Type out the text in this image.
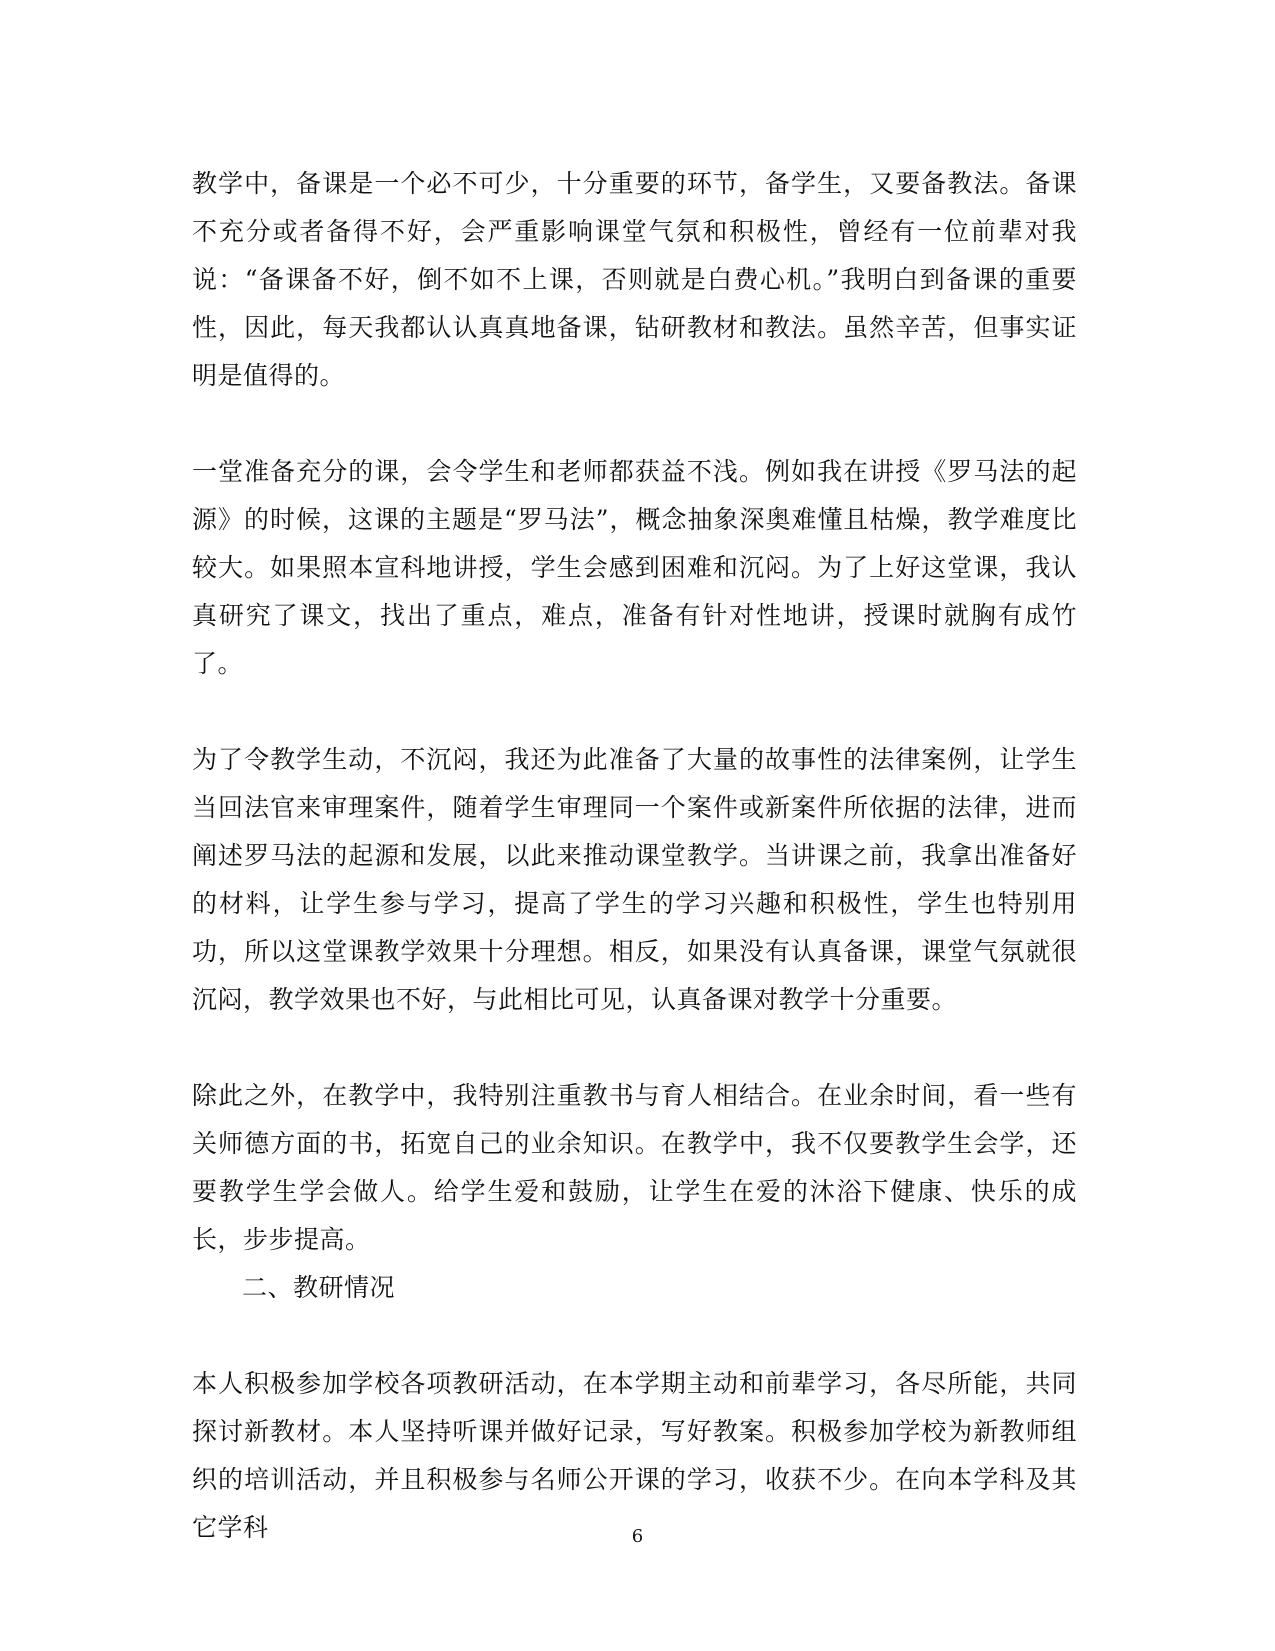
教学中，备课是一个必不可少，十分重要的环节，备学生，又要备教法。备课不充分或者备得不好，会严重影响课堂气氛和积极性，曾经有一位前辈对我说：“备课备不好，倒不如不上课，否则就是白费心机。”我明白到备课的重要性，因此，每天我都认认真真地备课，钻研教材和教法。虽然辛苦，但事实证明是值得的。

一堂准备充分的课，会令学生和老师都获益不浅。例如我在讲授《罗马法的起源》的时候，这课的主题是“罗马法”，概念抽象深奥难懂且枯燥，教学难度比较大。如果照本宣科地讲授，学生会感到困难和沉闷。为了上好这堂课，我认真研究了课文，找出了重点，难点，准备有针对性地讲，授课时就胸有成竹了。

为了令教学生动，不沉闷，我还为此准备了大量的故事性的法律案例，让学生当回法官来审理案件，随着学生审理同一个案件或新案件所依据的法律，进而阐述罗马法的起源和发展，以此来推动课堂教学。当讲课之前，我拿出准备好的材料，让学生参与学习，提高了学生的学习兴趣和积极性，学生也特别用功，所以这堂课教学效果十分理想。相反，如果没有认真备课，课堂气氛就很沉闷，教学效果也不好，与此相比可见，认真备课对教学十分重要。

除此之外，在教学中，我特别注重教书与育人相结合。在业余时间，看一些有关师德方面的书，拓宽自己的业余知识。在教学中，我不仅要教学生会学，还要教学生学会做人。给学生爱和鼓励，让学生在爱的沐浴下健康、快乐的成长，步步提高。

二、教研情况

本人积极参加学校各项教研活动，在本学期主动和前辈学习，各尽所能，共同探讨新教材。本人坚持听课并做好记录，写好教案。积极参加学校为新教师组织的培训活动，并且积极参与名师公开课的学习，收获不少。在向本学科及其它学科	6
